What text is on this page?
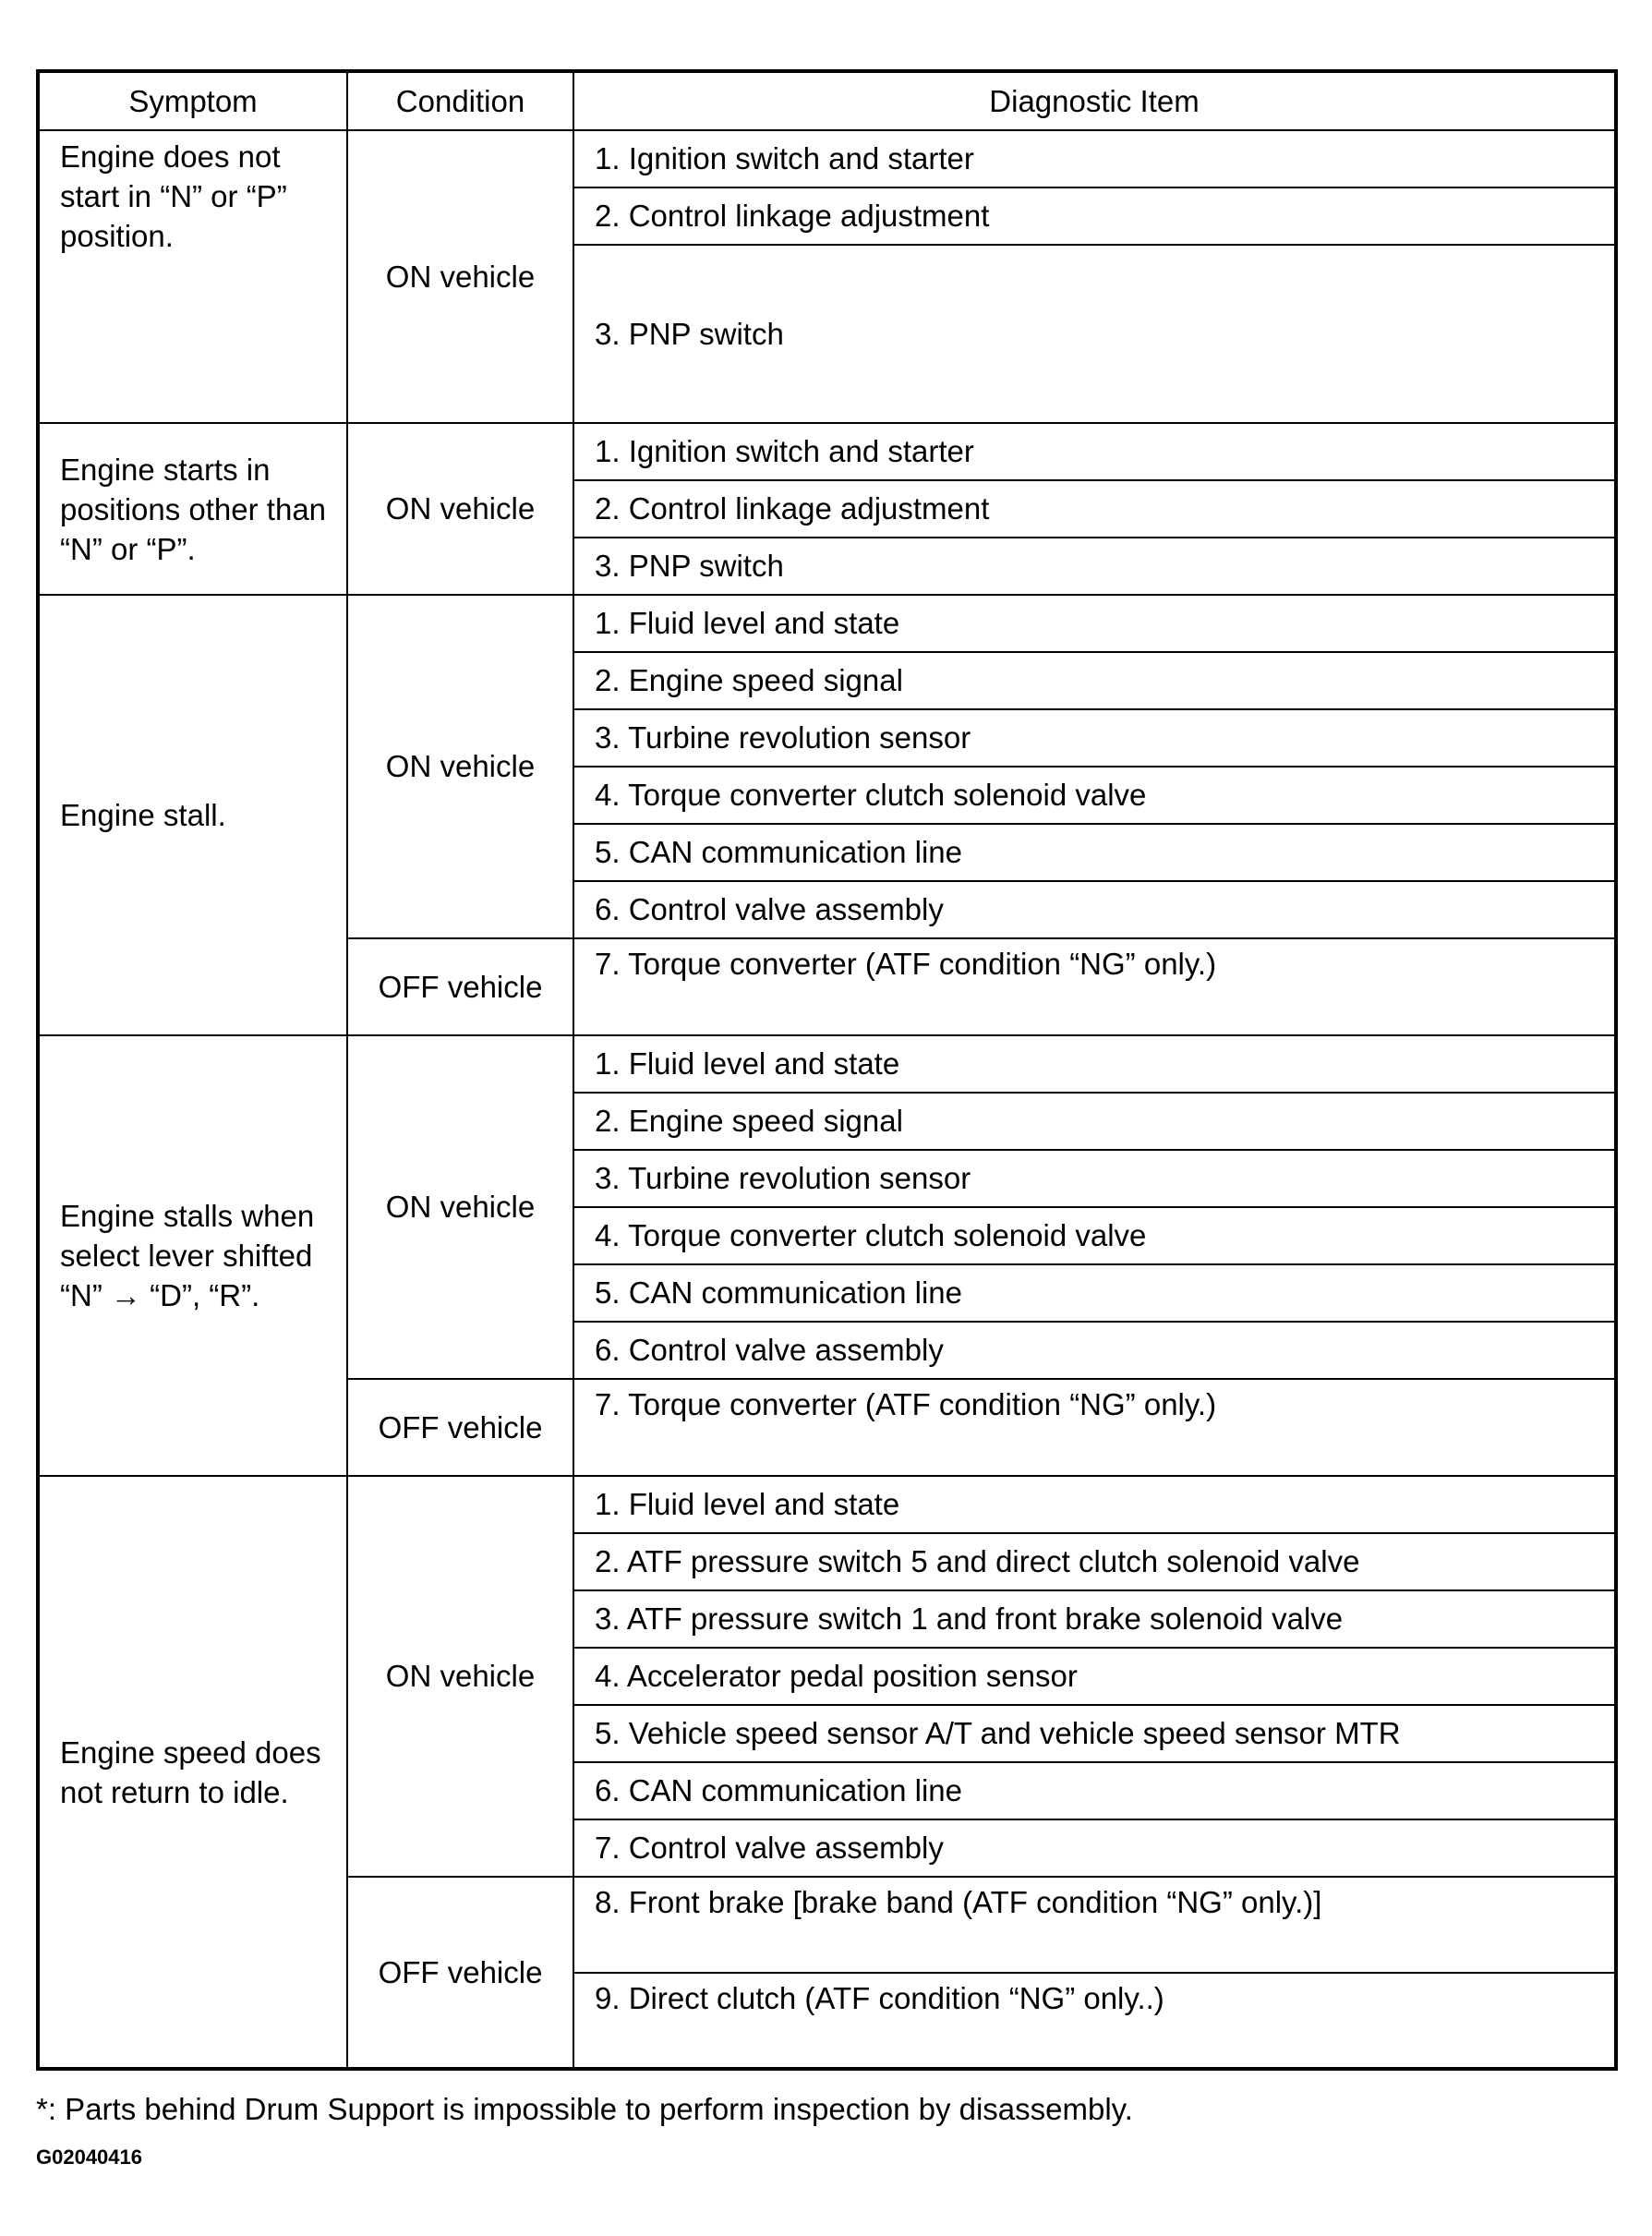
Symptom	Condition	Diagnostic Item
Engine does not start in “N” or “P” position.	ON vehicle	1. Ignition switch and starter
		2. Control linkage adjustment
		3. PNP switch
Engine starts in positions other than “N” or “P”.	ON vehicle	1. Ignition switch and starter
		2. Control linkage adjustment
		3. PNP switch
Engine stall.	ON vehicle	1. Fluid level and state
		2. Engine speed signal
		3. Turbine revolution sensor
		4. Torque converter clutch solenoid valve
		5. CAN communication line
		6. Control valve assembly
	OFF vehicle	7. Torque converter (ATF condition “NG” only.)
Engine stalls when select lever shifted “N” → “D”, “R”.	ON vehicle	1. Fluid level and state
		2. Engine speed signal
		3. Turbine revolution sensor
		4. Torque converter clutch solenoid valve
		5. CAN communication line
		6. Control valve assembly
	OFF vehicle	7. Torque converter (ATF condition “NG” only.)
Engine speed does not return to idle.	ON vehicle	1. Fluid level and state
		2. ATF pressure switch 5 and direct clutch solenoid valve
		3. ATF pressure switch 1 and front brake solenoid valve
		4. Accelerator pedal position sensor
		5. Vehicle speed sensor A/T and vehicle speed sensor MTR
		6. CAN communication line
		7. Control valve assembly
	OFF vehicle	8. Front brake [brake band (ATF condition “NG” only.)]
		9. Direct clutch (ATF condition “NG” only..)
*: Parts behind Drum Support is impossible to perform inspection by disassembly.
G02040416
